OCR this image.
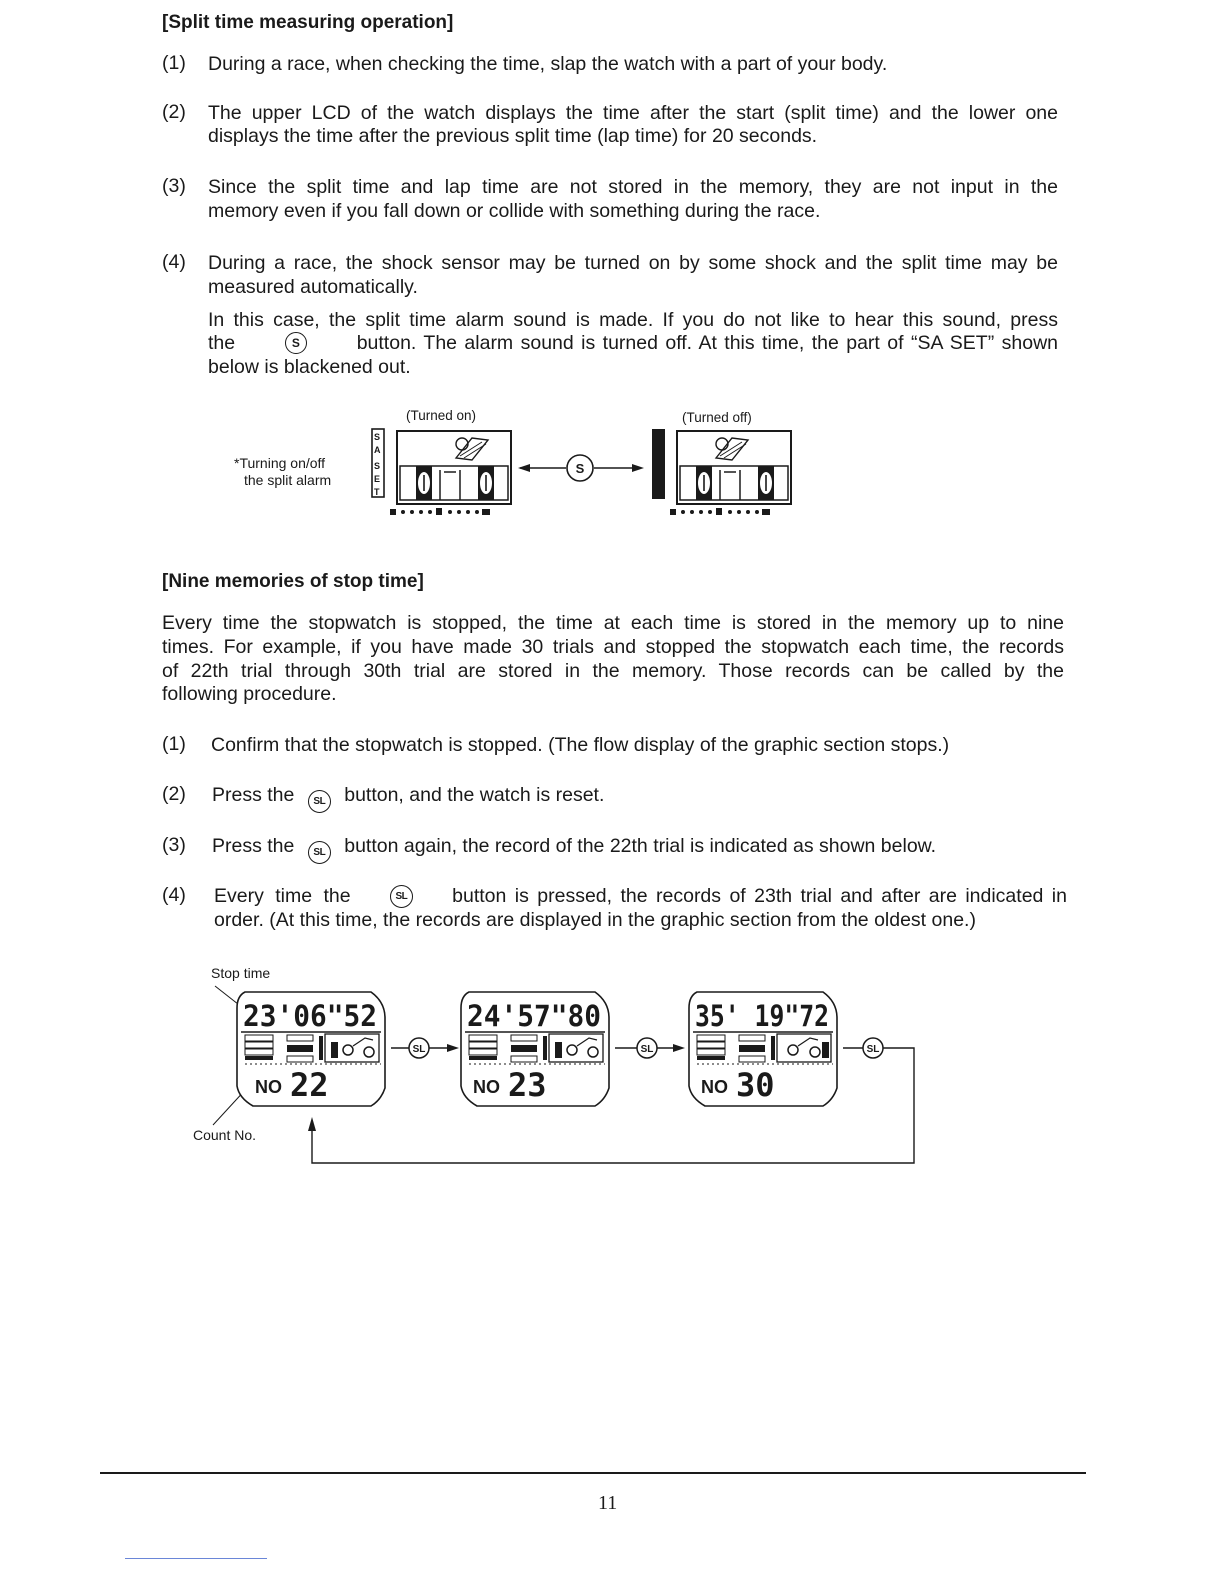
[Split time measuring operation]
(1) During a race, when checking the time, slap the watch with a part of your body.
(2) The upper LCD of the watch displays the time after the start (split time) and the lower one
displays the time after the previous split time (lap time) for 20 seconds.
(3) Since the split time and lap time are not stored in the memory, they are not input in the
memory even if you fall down or collide with something during the race.
(4) During a race, the shock sensor may be turned on by some shock and the split time may be
measured automatically.
In this case, the split time alarm sound is made. If you do not like to hear this sound, press
the	S	button. The alarm sound is turned off. At this time, the part of “SA SET” shown
below is blackened out.
*Turning on/off
the split alarm
(Turned on)	(Turned off)
S
A
S
E
T
S
[Nine memories of stop time]
Every time the stopwatch is stopped, the time at each time is stored in the memory up to nine
times. For example, if you have made 30 trials and stopped the stopwatch each time, the records
of 22th trial through 30th trial are stored in the memory. Those records can be called by the
following procedure.
(1) Confirm that the stopwatch is stopped. (The flow display of the graphic section stops.)
(2) Press the SL button, and the watch is reset.
(3) Press the SL button again, the record of the 22th trial is indicated as shown below.
(4) Every time the	SL button is pressed, the records of 23th trial and after are indicated in
order. (At this time, the records are displayed in the graphic section from the oldest one.)
Stop time
Count No.
23'06"52
NO 22
SL
24'57"80
NO 23
SL
35' 19"72
NO 30
SL
11
